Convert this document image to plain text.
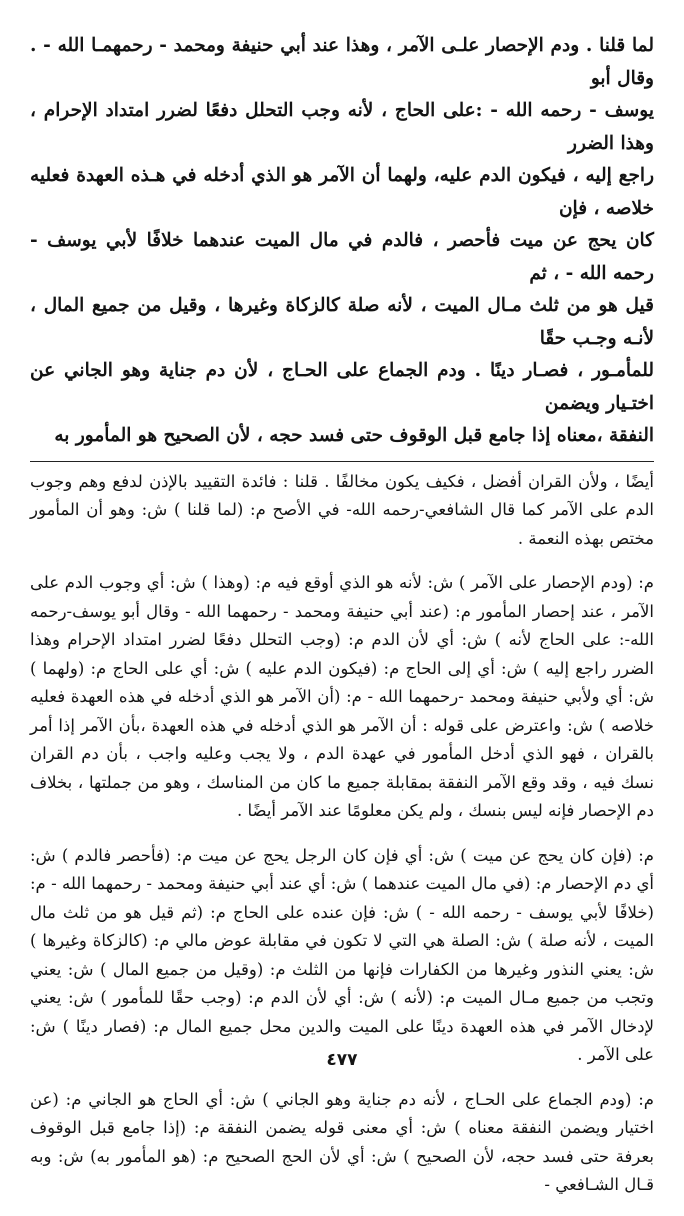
لما قلنا . ودم الإحصار علـى الآمر ، وهذا عند أبي حنيفة ومحمد - رحمهمـا الله - . وقال أبو
يوسف - رحمه الله - :على الحاج ، لأنه وجب التحلل دفعًا لضرر امتداد الإحرام ، وهذا الضرر
راجع إليه ، فيكون الدم عليه، ولهما أن الآمر هو الذي أدخله في هـذه العهدة فعليه خلاصه ، فإن
كان يحج عن ميت فأحصر ، فالدم في مال الميت عندهما خلافًا لأبي يوسف - رحمه الله - ، ثم
قيل هو من ثلث مـال الميت ، لأنه صلة كالزكاة وغيرها ، وقيل من جميع المال ، لأنـه وجـب حقًا
للمأمـور ، فصـار دينًا . ودم الجماع على الحـاج ، لأن دم جناية وهو الجاني عن اختـيار ويضمن
النفقة ،معناه إذا جامع قبل الوقوف حتى فسد حجه ، لأن الصحيح هو المأمور به

أيضًا ، ولأن القران أفضل ، فكيف يكون مخالفًا . قلنا : فائدة التقييد بالإذن لدفع وهم وجوب الدم على الآمر كما قال الشافعي-رحمه الله- في الأصح م: (لما قلنا ) ش: وهو أن المأمور مختص بهذه النعمة .

م: (ودم الإحصار على الآمر ) ش: لأنه هو الذي أوقع فيه م: (وهذا ) ش: أي وجوب الدم على الآمر ، عند إحصار المأمور م: (عند أبي حنيفة ومحمد - رحمهما الله - وقال أبو يوسف-رحمه الله-: على الحاج لأنه ) ش: أي لأن الدم م: (وجب التحلل دفعًا لضرر امتداد الإحرام وهذا الضرر راجع إليه ) ش: أي إلى الحاج م: (فيكون الدم عليه ) ش: أي على الحاج م: (ولهما ) ش: أي ولأبي حنيفة ومحمد -رحمهما الله - م: (أن الآمر هو الذي أدخله في هذه العهدة فعليه خلاصه ) ش: واعترض على قوله : أن الآمر هو الذي أدخله في هذه العهدة ،بأن الآمر إذا أمر بالقران ، فهو الذي أدخل المأمور في عهدة الدم ، ولا يجب وعليه واجب ، بأن دم القران نسك فيه ، وقد وقع الآمر النفقة بمقابلة جميع ما كان من المناسك ، وهو من جملتها ، بخلاف دم الإحصار فإنه ليس بنسك ، ولم يكن معلومًا عند الآمر أيضًا .

م: (فإن كان يحج عن ميت ) ش: أي فإن كان الرجل يحج عن ميت م: (فأحصر فالدم ) ش: أي دم الإحصار م: (في مال الميت عندهما ) ش: أي عند أبي حنيفة ومحمد - رحمهما الله - م: (خلافًا لأبي يوسف - رحمه الله - ) ش: فإن عنده على الحاج م: (ثم قيل هو من ثلث مال الميت ، لأنه صلة ) ش: الصلة هي التي لا تكون في مقابلة عوض مالي م: (كالزكاة وغيرها ) ش: يعني النذور وغيرها من الكفارات فإنها من الثلث م: (وقيل من جميع المال ) ش: يعني وتجب من جميع مـال الميت م: (لأنه ) ش: أي لأن الدم م: (وجب حقًا للمأمور ) ش: يعني لإدخال الآمر في هذه العهدة دينًا على الميت والدين محل جميع المال م: (فصار دينًا ) ش: على الآمر .

م: (ودم الجماع على الحـاج ، لأنه دم جناية وهو الجاني ) ش: أي الحاج هو الجاني م: (عن اختيار ويضمن النفقة معناه ) ش: أي معنى قوله يضمن النفقة م: (إذا جامع قبل الوقوف بعرفة حتى فسد حجه، لأن الصحيح ) ش: أي لأن الحج الصحيح م: (هو المأمور به) ش: وبه قـال الشـافعي -

٤٧٧
